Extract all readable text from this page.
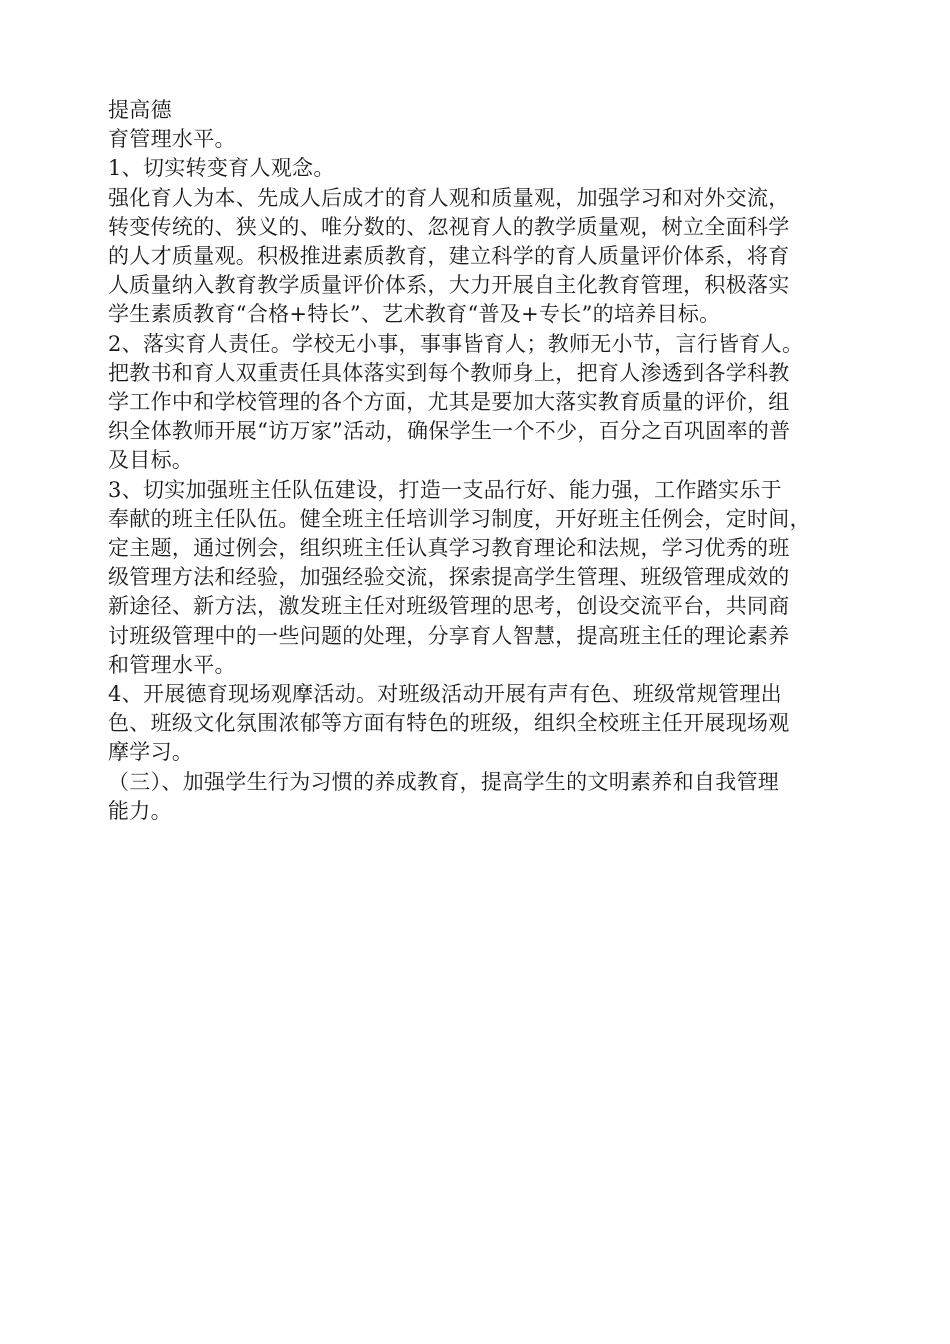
提高德
育管理水平。
1、切实转变育人观念。
强化育人为本、先成人后成才的育人观和质量观，加强学习和对外交流，
转变传统的、狭义的、唯分数的、忽视育人的教学质量观，树立全面科学
的人才质量观。积极推进素质教育，建立科学的育人质量评价体系，将育
人质量纳入教育教学质量评价体系，大力开展自主化教育管理，积极落实
学生素质教育“合格+特长”、艺术教育“普及+专长”的培养目标。
2、落实育人责任。学校无小事，事事皆育人；教师无小节，言行皆育人。
把教书和育人双重责任具体落实到每个教师身上，把育人渗透到各学科教
学工作中和学校管理的各个方面，尤其是要加大落实教育质量的评价，组
织全体教师开展“访万家”活动，确保学生一个不少，百分之百巩固率的普
及目标。
3、切实加强班主任队伍建设，打造一支品行好、能力强，工作踏实乐于
奉献的班主任队伍。健全班主任培训学习制度，开好班主任例会，定时间，
定主题，通过例会，组织班主任认真学习教育理论和法规，学习优秀的班
级管理方法和经验，加强经验交流，探索提高学生管理、班级管理成效的
新途径、新方法，激发班主任对班级管理的思考，创设交流平台，共同商
讨班级管理中的一些问题的处理，分享育人智慧，提高班主任的理论素养
和管理水平。
4、开展德育现场观摩活动。对班级活动开展有声有色、班级常规管理出
色、班级文化氛围浓郁等方面有特色的班级，组织全校班主任开展现场观
摩学习。
（三）、加强学生行为习惯的养成教育，提高学生的文明素养和自我管理
能力。
